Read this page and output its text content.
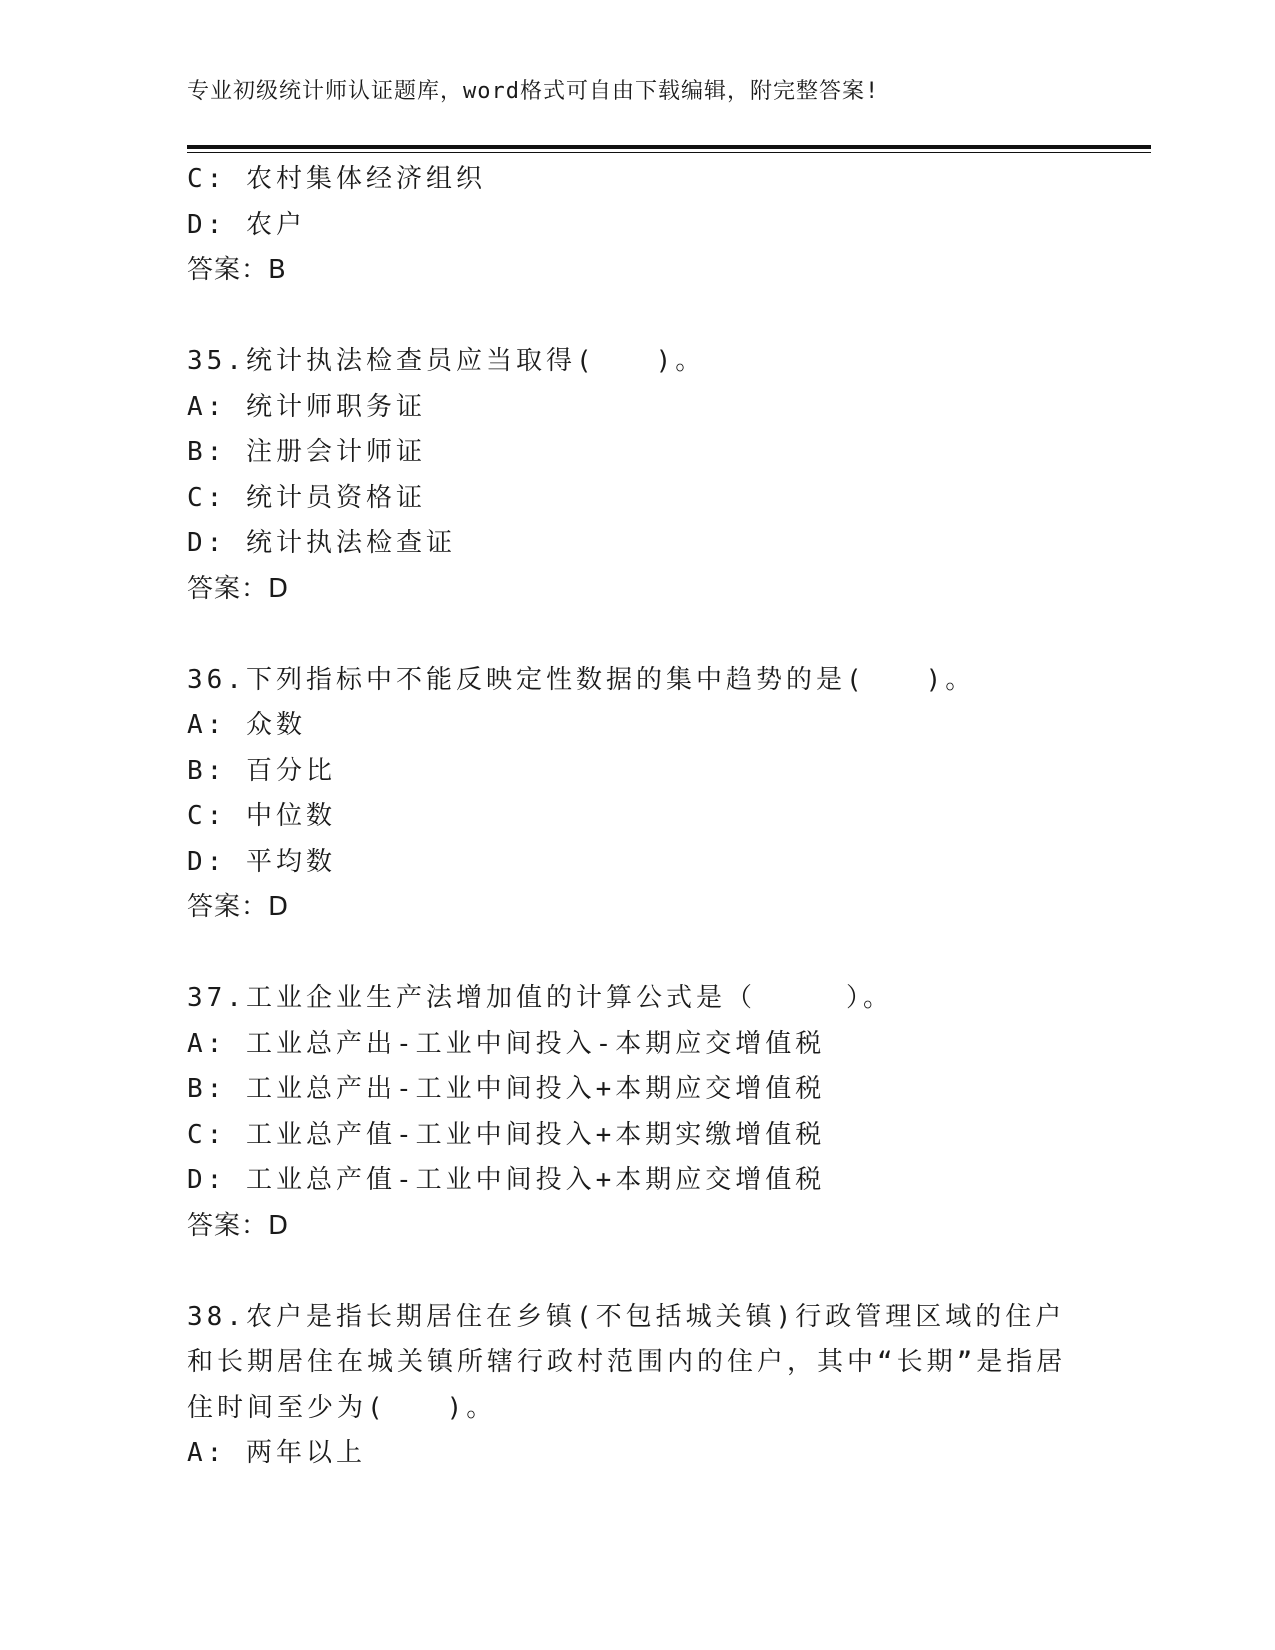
专业初级统计师认证题库，word格式可自由下载编辑，附完整答案!
C: 农村集体经济组织
D: 农户
答案：B
35.统计执法检查员应当取得(　　)。
A: 统计师职务证
B: 注册会计师证
C: 统计员资格证
D: 统计执法检查证
答案：D
36.下列指标中不能反映定性数据的集中趋势的是(　　)。
A: 众数
B: 百分比
C: 中位数
D: 平均数
答案：D
37.工业企业生产法增加值的计算公式是（　　　）。
A: 工业总产出-工业中间投入-本期应交增值税
B: 工业总产出-工业中间投入+本期应交增值税
C: 工业总产值-工业中间投入+本期实缴增值税
D: 工业总产值-工业中间投入+本期应交增值税
答案：D
38.农户是指长期居住在乡镇(不包括城关镇)行政管理区域的住户和长期居住在城关镇所辖行政村范围内的住户，其中“长期”是指居住时间至少为(　　)。
A: 两年以上
